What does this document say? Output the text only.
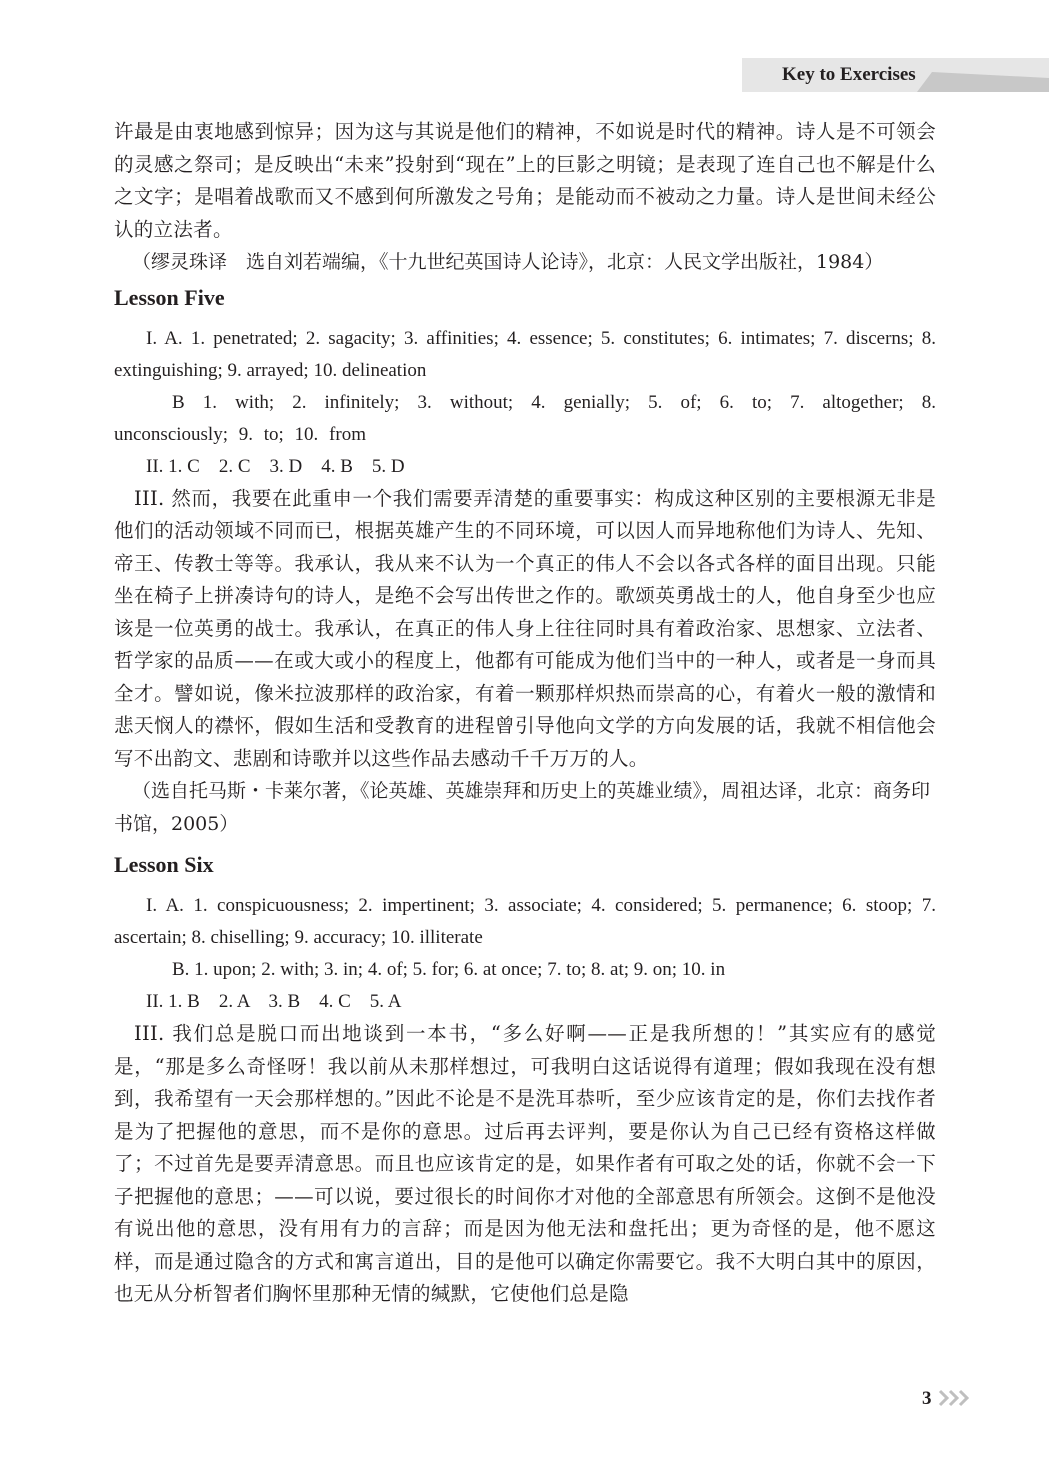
Key to Exercises

许最是由衷地感到惊异；因为这与其说是他们的精神，不如说是时代的精神。诗人是不可领会的灵感之祭司；是反映出“未来”投射到“现在”上的巨影之明镜；是表现了连自己也不解是什么之文字；是唱着战歌而又不感到何所激发之号角；是能动而不被动之力量。诗人是世间未经公认的立法者。

（缪灵珠译　选自刘若端编，《十九世纪英国诗人论诗》，北京：人民文学出版社，1984）

Lesson Five

I. A. 1. penetrated; 2. sagacity; 3. affinities; 4. essence; 5. constitutes; 6. intimates; 7. discerns; 8. extinguishing; 9. arrayed; 10. delineation

B 1. with; 2. infinitely; 3. without; 4. genially; 5. of; 6. to; 7. altogether; 8. unconsciously; 9. to; 10. from

II. 1. C　2. C　3. D　4. B　5. D

III. 然而，我要在此重申一个我们需要弄清楚的重要事实：构成这种区别的主要根源无非是他们的活动领域不同而已，根据英雄产生的不同环境，可以因人而异地称他们为诗人、先知、帝王、传教士等等。我承认，我从来不认为一个真正的伟人不会以各式各样的面目出现。只能坐在椅子上拼凑诗句的诗人，是绝不会写出传世之作的。歌颂英勇战士的人，他自身至少也应该是一位英勇的战士。我承认，在真正的伟人身上往往同时具有着政治家、思想家、立法者、哲学家的品质——在或大或小的程度上，他都有可能成为他们当中的一种人，或者是一身而具全才。譬如说，像米拉波那样的政治家，有着一颗那样炽热而崇高的心，有着火一般的激情和悲天悯人的襟怀，假如生活和受教育的进程曾引导他向文学的方向发展的话，我就不相信他会写不出韵文、悲剧和诗歌并以这些作品去感动千千万万的人。

（选自托马斯・卡莱尔著，《论英雄、英雄崇拜和历史上的英雄业绩》，周祖达译，北京：商务印书馆，2005）

Lesson Six

I. A. 1. conspicuousness; 2. impertinent; 3. associate; 4. considered; 5. permanence; 6. stoop; 7. ascertain; 8. chiselling; 9. accuracy; 10. illiterate

B. 1. upon; 2. with; 3. in; 4. of; 5. for; 6. at once; 7. to; 8. at; 9. on; 10. in

II. 1. B　2. A　3. B　4. C　5. A

III. 我们总是脱口而出地谈到一本书，“多么好啊——正是我所想的！”其实应有的感觉是，“那是多么奇怪呀！我以前从未那样想过，可我明白这话说得有道理；假如我现在没有想到，我希望有一天会那样想的。”因此不论是不是洗耳恭听，至少应该肯定的是，你们去找作者是为了把握他的意思，而不是你的意思。过后再去评判，要是你认为自己已经有资格这样做了；不过首先是要弄清意思。而且也应该肯定的是，如果作者有可取之处的话，你就不会一下子把握他的意思；——可以说，要过很长的时间你才对他的全部意思有所领会。这倒不是他没有说出他的意思，没有用有力的言辞；而是因为他无法和盘托出；更为奇怪的是，他不愿这样，而是通过隐含的方式和寓言道出，目的是他可以确定你需要它。我不大明白其中的原因，也无从分析智者们胸怀里那种无情的缄默，它使他们总是隐

3
